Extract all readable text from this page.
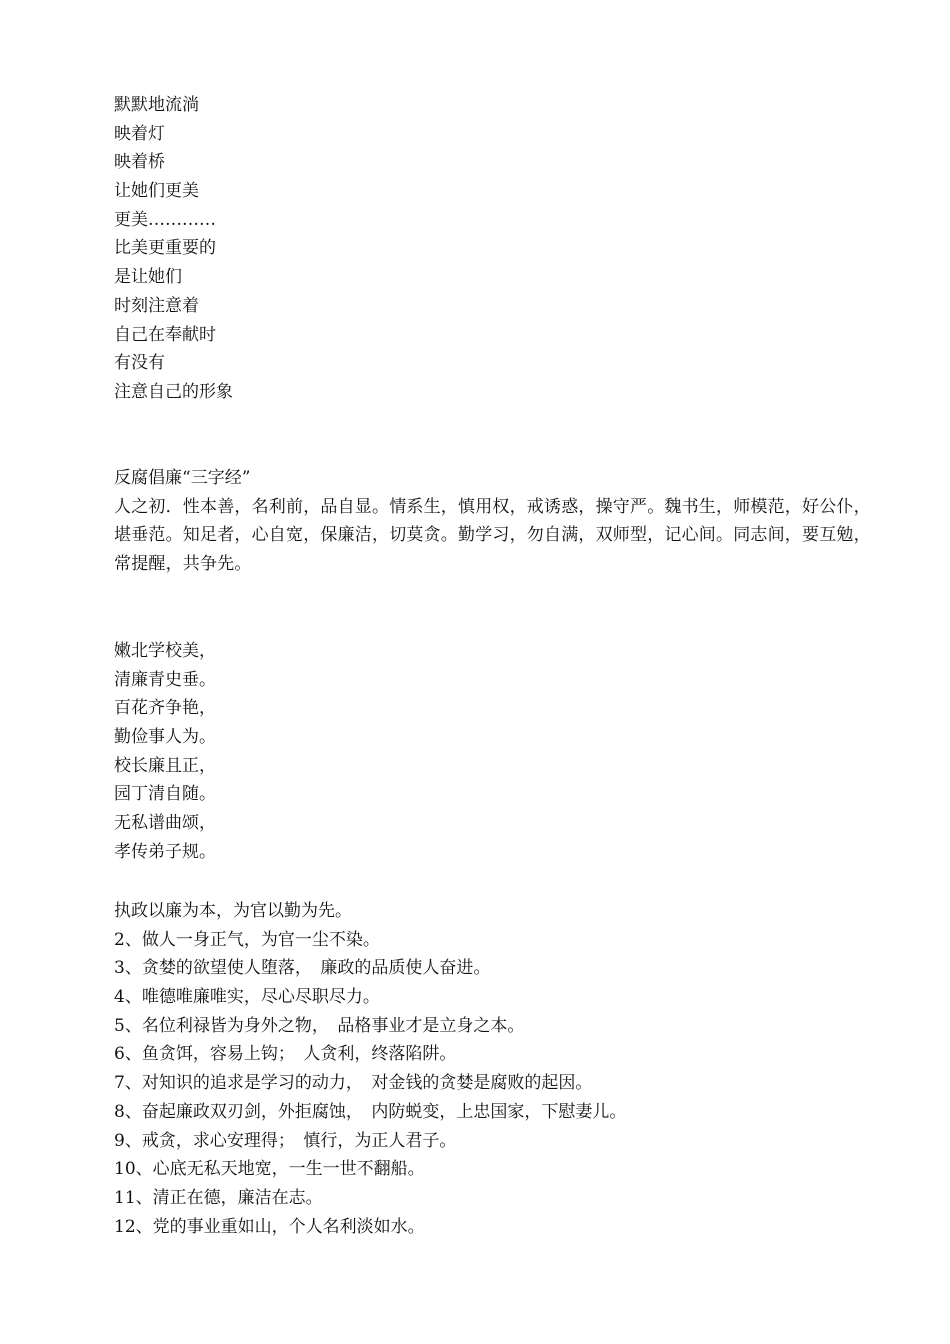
默默地流淌
映着灯
映着桥
让她们更美
更美…………
比美更重要的
是让她们
时刻注意着
自己在奉献时
有没有
注意自己的形象
反腐倡廉“三字经”
人之初．性本善，名利前，品自显。情系生，慎用权，戒诱惑，操守严。魏书生，师模范，好公仆，堪垂范。知足者，心自宽，保廉洁，切莫贪。勤学习，勿自满，双师型，记心间。同志间，要互勉，常提醒，共争先。
嫩北学校美，
清廉青史垂。
百花齐争艳，
勤俭事人为。
校长廉且正，
园丁清自随。
无私谱曲颂，
孝传弟子规。
执政以廉为本，为官以勤为先。
2、做人一身正气，为官一尘不染。
3、贪婪的欲望使人堕落，　廉政的品质使人奋进。
4、唯德唯廉唯实，尽心尽职尽力。
5、名位利禄皆为身外之物，　品格事业才是立身之本。
6、鱼贪饵，容易上钩；　人贪利，终落陷阱。
7、对知识的追求是学习的动力，　对金钱的贪婪是腐败的起因。
8、奋起廉政双刃剑，外拒腐蚀，　内防蜕变，上忠国家，下慰妻儿。
9、戒贪，求心安理得；　慎行，为正人君子。
10、心底无私天地宽，一生一世不翻船。
11、清正在德，廉洁在志。
12、党的事业重如山，个人名利淡如水。
